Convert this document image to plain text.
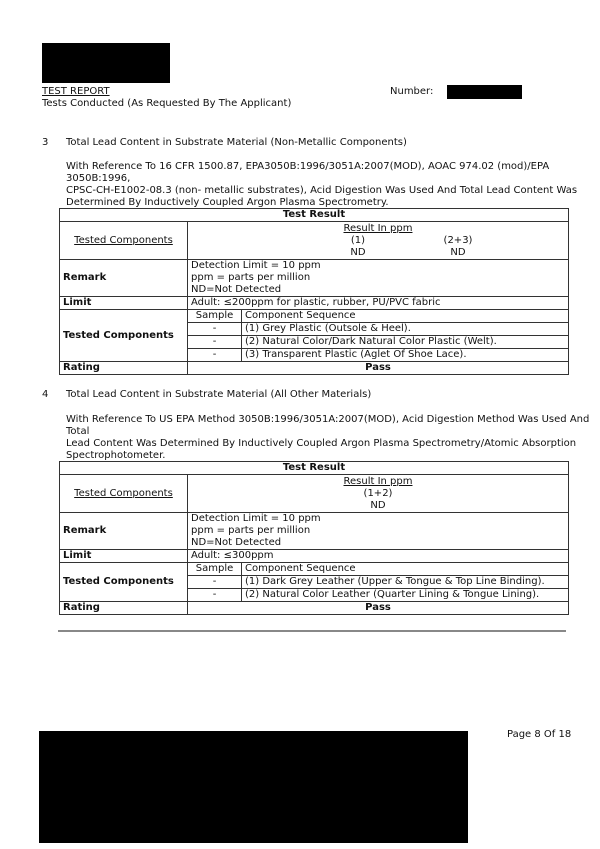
TEST REPORT
Tests Conducted (As Requested By The Applicant)
Number:
3 Total Lead Content in Substrate Material (Non-Metallic Components)
With Reference To 16 CFR 1500.87, EPA3050B:1996/3051A:2007(MOD), AOAC 974.02 (mod)/EPA 3050B:1996,
CPSC-CH-E1002-08.3 (non- metallic substrates), Acid Digestion Was Used And Total Lead Content Was
Determined By Inductively Coupled Argon Plasma Spectrometry.
Test Result		
Tested Components	Result In ppm
(1)
ND
(2+3)
ND	

Remark	Detection Limit = 10 ppm
ppm = parts per million
ND=Not Detected	

Limit	Adult: ≤200ppm for plastic, rubber, PU/PVC fabric	
Tested Components	Sample	Component Sequence
	-	(1) Grey Plastic (Outsole & Heel).
	-	(2) Natural Color/Dark Natural Color Plastic (Welt).
	-	(3) Transparent Plastic (Aglet Of Shoe Lace).
Rating	Pass	
4 Total Lead Content in Substrate Material (All Other Materials)
With Reference To US EPA Method 3050B:1996/3051A:2007(MOD), Acid Digestion Method Was Used And Total
Lead Content Was Determined By Inductively Coupled Argon Plasma Spectrometry/Atomic Absorption
Spectrophotometer.
Test Result		
Tested Components	Result In ppm
(1+2)
ND	

Remark	Detection Limit = 10 ppm
ppm = parts per million
ND=Not Detected	

Limit	Adult: ≤300ppm	
Tested Components	Sample	Component Sequence
	-	(1) Dark Grey Leather (Upper & Tongue & Top Line Binding).
	-	(2) Natural Color Leather (Quarter Lining & Tongue Lining).
Rating	Pass	
Page 8 Of 18
